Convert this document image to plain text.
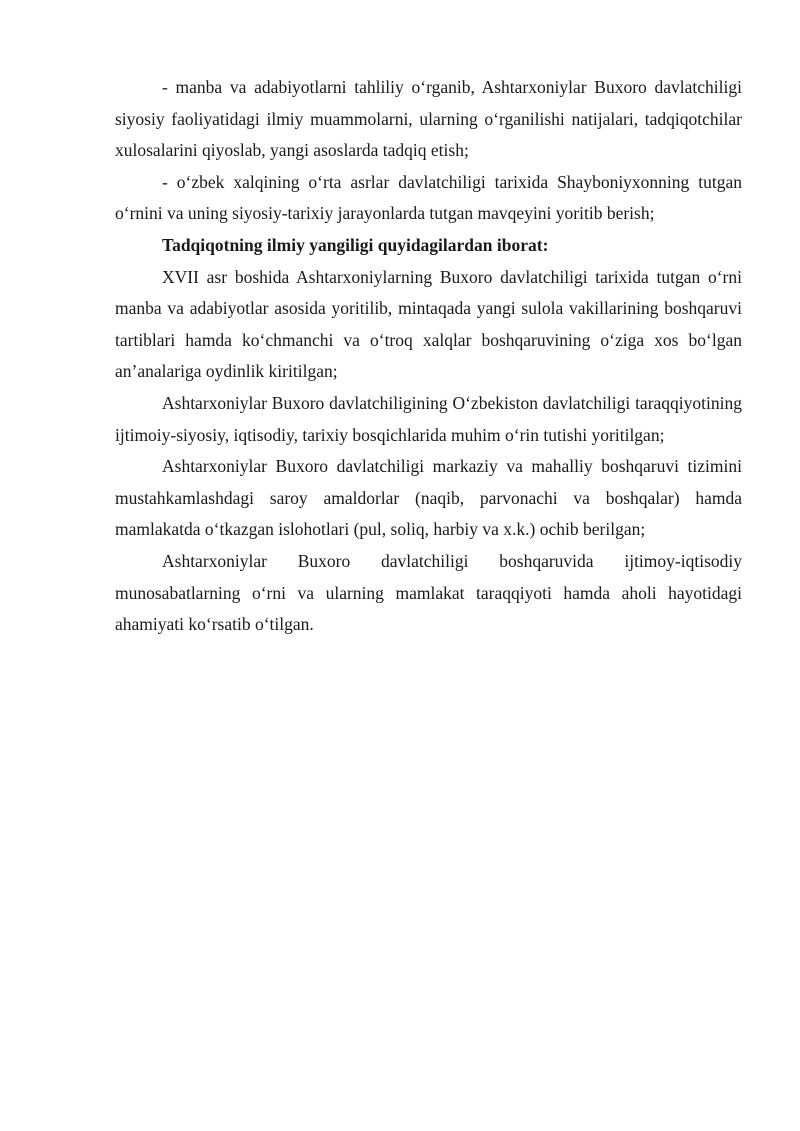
- manba va adabiyotlarni tahliliy o‘rganib, Ashtarxoniylar Buxoro davlatchiligi siyosiy faoliyatidagi ilmiy muammolarni, ularning o‘rganilishi natijalari, tadqiqotchilar xulosalarini qiyoslab, yangi asoslarda tadqiq etish;

- o‘zbek xalqining o‘rta asrlar davlatchiligi tarixida Shayboniyxonning tutgan o‘rnini va uning siyosiy-tarixiy jarayonlarda tutgan mavqeyini yoritib berish;

Tadqiqotning ilmiy yangiligi quyidagilardan iborat:

XVII asr boshida Ashtarxoniylarning Buxoro davlatchiligi tarixida tutgan o‘rni manba va adabiyotlar asosida yoritilib, mintaqada yangi sulola vakillarining boshqaruvi tartiblari hamda ko‘chmanchi va o‘troq xalqlar boshqaruvining o‘ziga xos bo‘lgan an’analariga oydinlik kiritilgan;

Ashtarxoniylar Buxoro davlatchiligining O‘zbekiston davlatchiligi taraqqiyotining ijtimoiy-siyosiy, iqtisodiy, tarixiy bosqichlarida muhim o‘rin tutishi yoritilgan;

Ashtarxoniylar Buxoro davlatchiligi markaziy va mahalliy boshqaruvi tizimini mustahkamlashdagi saroy amaldorlar (naqib, parvonachi va boshqalar) hamda mamlakatda o‘tkazgan islohotlari (pul, soliq, harbiy va x.k.) ochib berilgan;

Ashtarxoniylar Buxoro davlatchiligi boshqaruvida ijtimoy-iqtisodiy munosabatlarning o‘rni va ularning mamlakat taraqqiyoti hamda aholi hayotidagi ahamiyati ko‘rsatib o‘tilgan.
